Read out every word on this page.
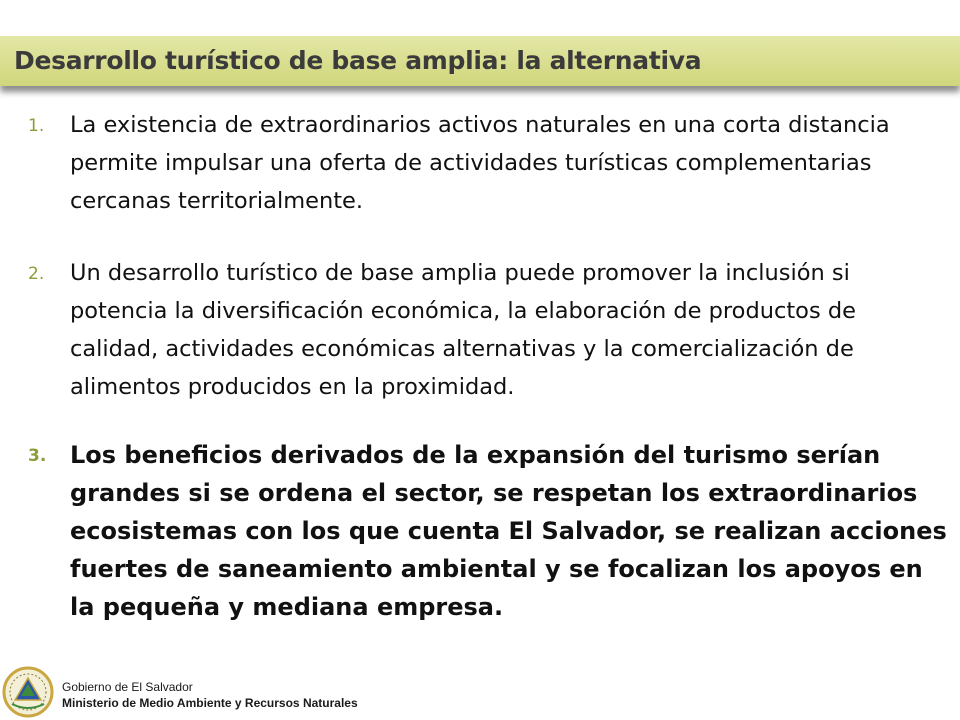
Desarrollo turístico de base amplia: la alternativa
1. La existencia de extraordinarios activos naturales en una corta distancia permite impulsar una oferta de actividades turísticas complementarias cercanas territorialmente.

2. Un desarrollo turístico de base amplia puede promover la inclusión si potencia la diversificación económica, la elaboración de productos de calidad, actividades económicas alternativas y la comercialización de alimentos producidos en la proximidad.

3. Los beneficios derivados de la expansión del turismo serían grandes si se ordena el sector, se respetan los extraordinarios ecosistemas con los que cuenta El Salvador, se realizan acciones fuertes de saneamiento ambiental y se focalizan los apoyos en la pequeña y mediana empresa.

Gobierno de El Salvador

Ministerio de Medio Ambiente y Recursos Naturales
